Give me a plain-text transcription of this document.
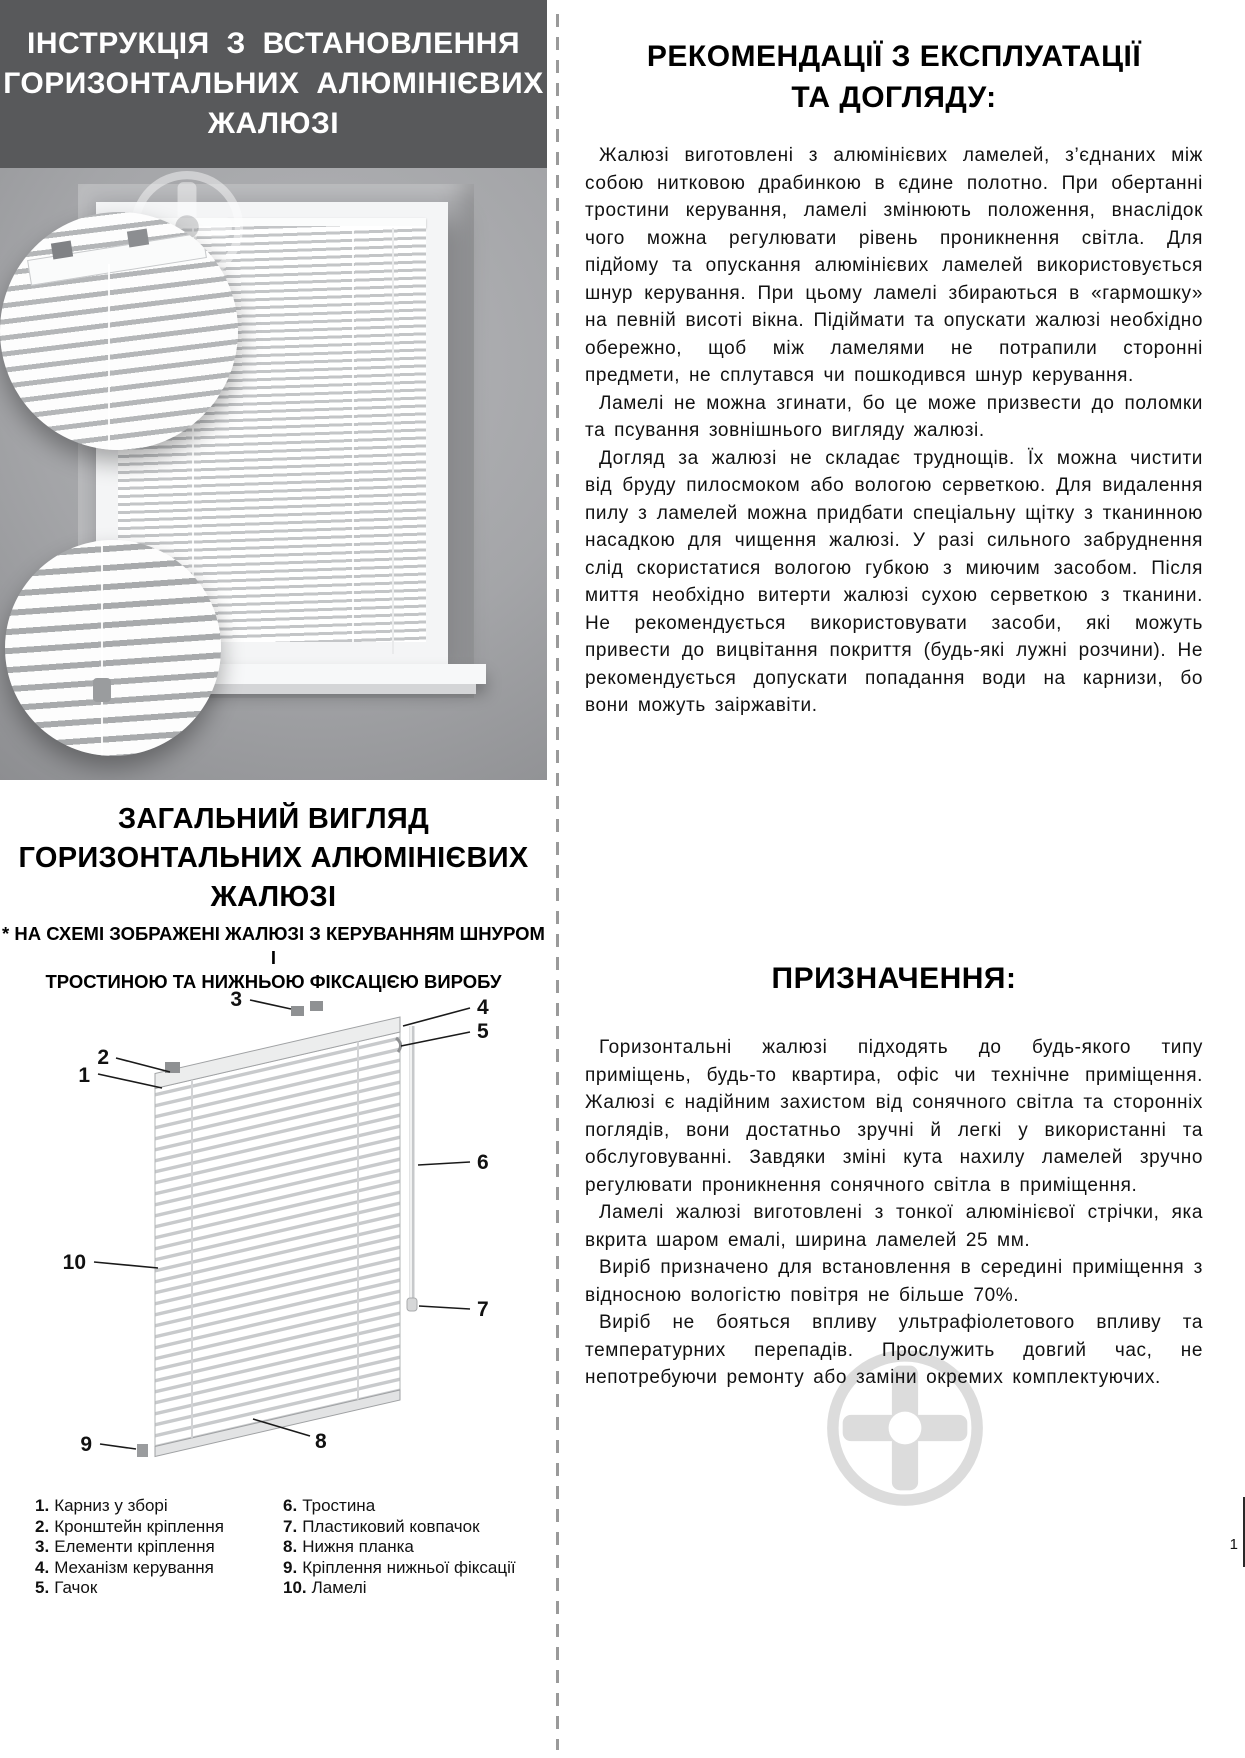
ІНСТРУКЦІЯ З ВСТАНОВЛЕННЯ
ГОРИЗОНТАЛЬНИХ АЛЮМІНІЄВИХ
ЖАЛЮЗІ
ЗАГАЛЬНИЙ ВИГЛЯД
ГОРИЗОНТАЛЬНИХ АЛЮМІНІЄВИХ
ЖАЛЮЗІ
* НА СХЕМІ ЗОБРАЖЕНІ ЖАЛЮЗІ З КЕРУВАННЯМ ШНУРОМ І
ТРОСТИНОЮ ТА НИЖНЬОЮ ФІКСАЦІЄЮ ВИРОБУ
1
2
3	4
5
6
7
8
9
10
1. Карниз у зборі
2. Кронштейн кріплення
3. Елементи кріплення
4. Механізм керування
5. Гачок
6. Тростина
7. Пластиковий ковпачок
8. Нижня планка
9. Кріплення нижньої фіксації
10. Ламелі
РЕКОМЕНДАЦІЇ З ЕКСПЛУАТАЦІЇ
ТА ДОГЛЯДУ:

Жалюзі виготовлені з алюмінієвих ламелей, з’єднаних між собою нитковою драбинкою в єдине полотно. При обертанні тростини керування, ламелі змінюють положення, внаслідок чого можна регулювати рівень проникнення світла. Для підйому та опускання алюмінієвих ламелей використовується шнур керування. При цьому ламелі збираються в «гармошку» на певній висоті вікна. Підіймати та опускати жалюзі необхідно обережно, щоб між ламелями не потрапили сторонні предмети, не сплутався чи пошкодився шнур керування.

Ламелі не можна згинати, бо це може призвести до поломки та псування зовнішнього вигляду жалюзі.

Догляд за жалюзі не складає труднощів. Їх можна чистити від бруду пилосмоком або вологою серветкою. Для видалення пилу з ламелей можна придбати спеціальну щітку з тканинною насадкою для чищення жалюзі. У разі сильного забруднення слід скористатися вологою губкою з миючим засобом. Після миття необхідно витерти жалюзі сухою серветкою з тканини. Не рекомендується використовувати засоби, які можуть привести до вицвітання покриття (будь-які лужні розчини). Не рекомендується допускати попадання води на карнизи, бо вони можуть заіржавіти.

ПРИЗНАЧЕННЯ:

Горизонтальні жалюзі підходять до будь-якого типу приміщень, будь-то квартира, офіс чи технічне приміщення. Жалюзі є надійним захистом від сонячного світла та сторонніх поглядів, вони достатньо зручні й легкі у використанні та обслуговуванні. Завдяки зміні кута нахилу ламелей зручно регулювати проникнення сонячного світла в приміщення.

Ламелі жалюзі виготовлені з тонкої алюмінієвої стрічки, яка вкрита шаром емалі, ширина ламелей 25 мм.

Виріб призначено для встановлення в середині приміщення з відносною вологістю повітря не більше 70%.

Виріб не бояться впливу ультрафіолетового впливу та температурних перепадів. Прослужить довгий час, не непотребуючи ремонту або заміни окремих комплектуючих.

1
